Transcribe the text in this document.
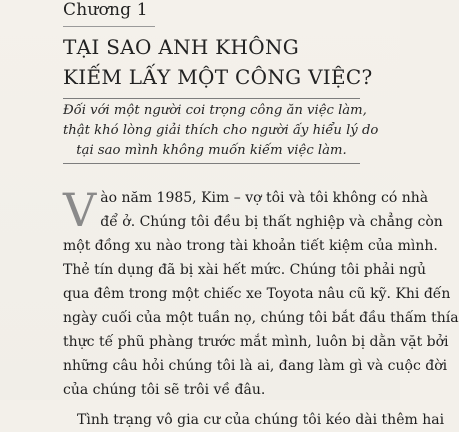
Chương 1
TẠI SAO ANH KHÔNG
KIẾM LẤY MỘT CÔNG VIỆC?
Đối với một người coi trọng công ăn việc làm,
thật khó lòng giải thích cho người ấy hiểu lý do
tại sao mình không muốn kiếm việc làm.

V ào năm 1985, Kim – vợ tôi và tôi không có nhà
để ở. Chúng tôi đều bị thất nghiệp và chẳng còn
một đồng xu nào trong tài khoản tiết kiệm của mình.
Thẻ tín dụng đã bị xài hết mức. Chúng tôi phải ngủ
qua đêm trong một chiếc xe Toyota nâu cũ kỹ. Khi đến
ngày cuối của một tuần nọ, chúng tôi bắt đầu thấm thía
thực tế phũ phàng trước mắt mình, luôn bị dằn vặt bởi
những câu hỏi chúng tôi là ai, đang làm gì và cuộc đời
của chúng tôi sẽ trôi về đâu.

Tình trạng vô gia cư của chúng tôi kéo dài thêm hai
